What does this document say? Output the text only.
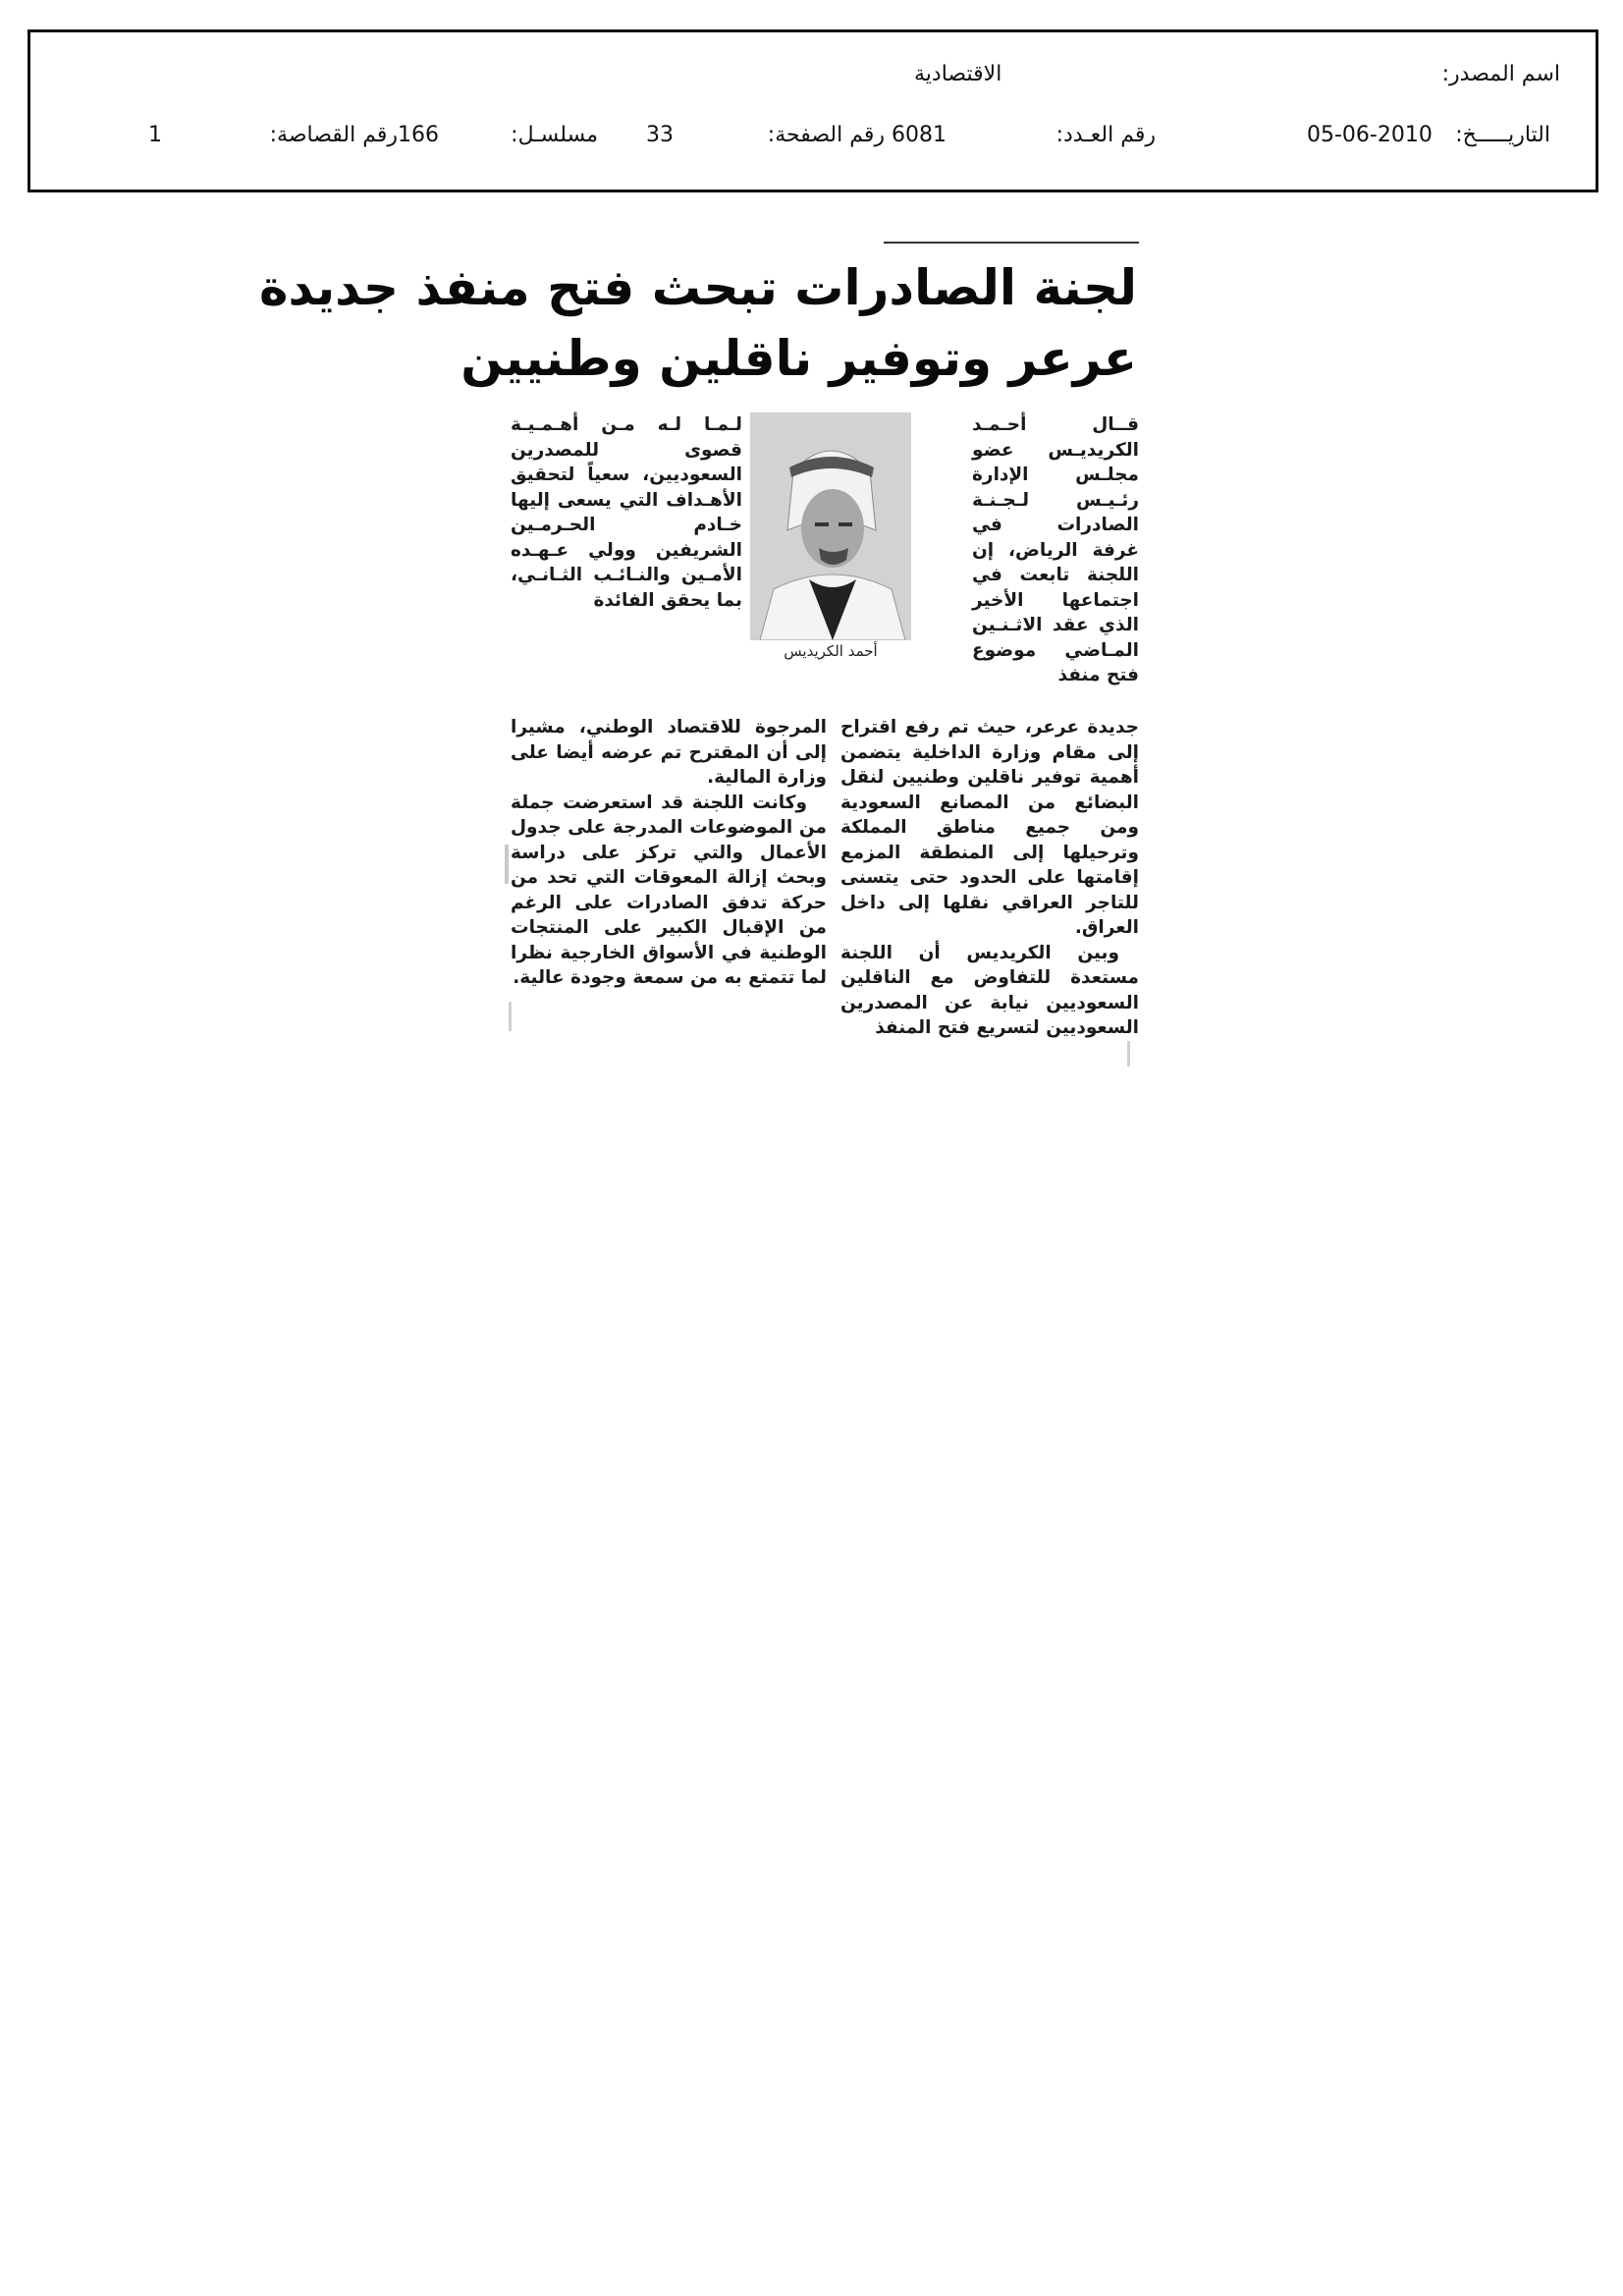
اسم المصدر:
الاقتصادية
التاريـــــخ:
05-06-2010
رقم العـدد:
6081
رقم الصفحة:
33
مسلسـل:
166
رقم القصاصة:
1
لجنة الصادرات تبحث فتح منفذ جديدة
عرعر وتوفير ناقلين وطنيين

قــال أحـمـد الكريديـس عضو مجلـس الإدارة رئـيـس لـجـنـة الصادرات في غرفة الرياض، إن اللجنة تابعت في اجتماعها الأخير الذي عقد الاثـنـين المـاضي موضوع فتح منفذ

أحمد الكريديس

لـمـا لـه مـن أهـمـيـة قصوى للمصدرين السعوديين، سعياً لتحقيق الأهـداف التي يسعى إليها خـادم الحـرمـين الشريفين وولي عـهـده الأمـين والنـائـب الثـانـي، بما يحقق الفائدة

جديدة عرعر، حيث تم رفع اقتراح إلى مقام وزارة الداخلية يتضمن أهمية توفير ناقلين وطنيين لنقل البضائع من المصانع السعودية ومن جميع مناطق المملكة وترحيلها إلى المنطقة المزمع إقامتها على الحدود حتى يتسنى للتاجر العراقي نقلها إلى داخل العراق.

وبين الكريديس أن اللجنة مستعدة للتفاوض مع الناقلين السعوديين نيابة عن المصدرين السعوديين لتسريع فتح المنفذ

المرجوة للاقتصاد الوطني، مشيرا إلى أن المقترح تم عرضه أيضا على وزارة المالية.

وكانت اللجنة قد استعرضت جملة من الموضوعات المدرجة على جدول الأعمال والتي تركز على دراسة وبحث إزالة المعوقات التي تحد من حركة تدفق الصادرات على الرغم من الإقبال الكبير على المنتجات الوطنية في الأسواق الخارجية نظرا لما تتمتع به من سمعة وجودة عالية.
